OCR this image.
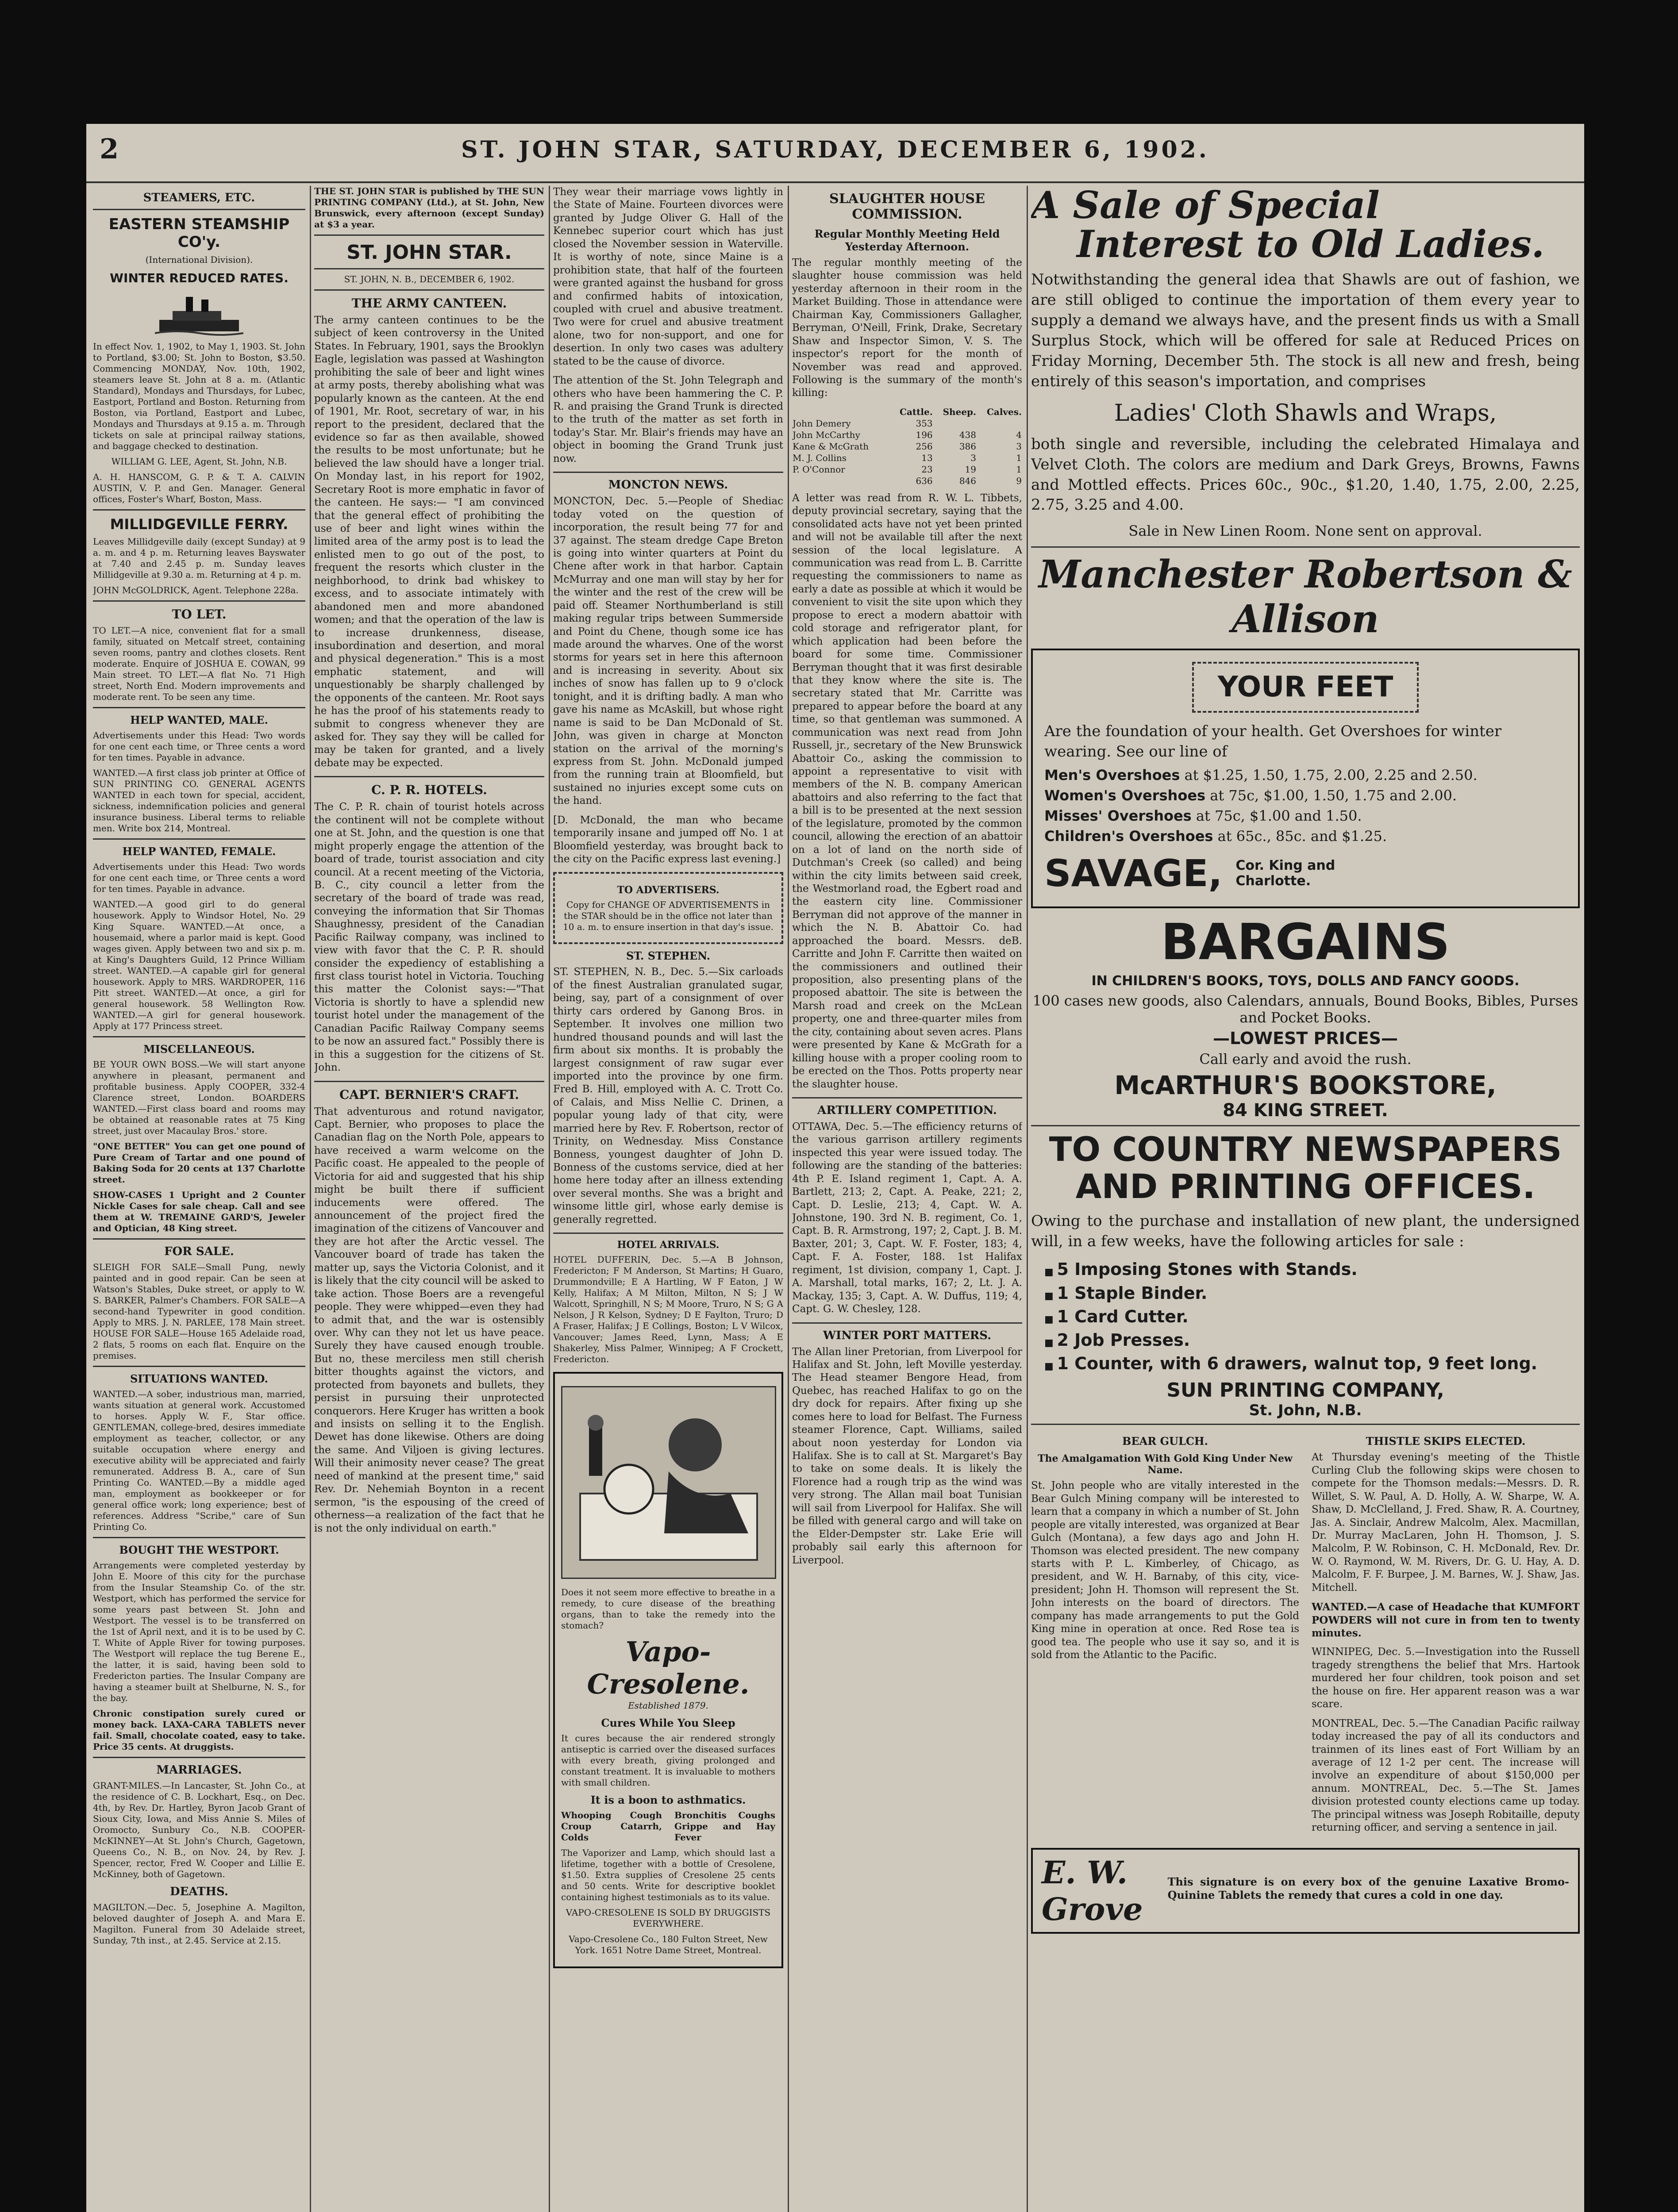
2	ST. JOHN STAR, SATURDAY, DECEMBER 6, 1902.
STEAMERS, ETC.
EASTERN STEAMSHIP CO'y.
(International Division).
WINTER REDUCED RATES.

In effect Nov. 1, 1902, to May 1, 1903. St. John to Portland, $3.00; St. John to Boston, $3.50. Commencing MONDAY, Nov. 10th, 1902, steamers leave St. John at 8 a. m. (Atlantic Standard), Mondays and Thursdays, for Lubec, Eastport, Portland and Boston. Returning from Boston, via Portland, Eastport and Lubec, Mondays and Thursdays at 9.15 a. m. Through tickets on sale at principal railway stations, and baggage checked to destination.

WILLIAM G. LEE, Agent, St. John, N.B.

A. H. HANSCOM, G. P. & T. A. CALVIN AUSTIN, V. P. and Gen. Manager. General offices, Foster's Wharf, Boston, Mass.

MILLIDGEVILLE FERRY.

Leaves Millidgeville daily (except Sunday) at 9 a. m. and 4 p. m. Returning leaves Bayswater at 7.40 and 2.45 p. m. Sunday leaves Millidgeville at 9.30 a. m. Returning at 4 p. m.

JOHN McGOLDRICK, Agent. Telephone 228a.

TO LET.

TO LET.—A nice, convenient flat for a small family, situated on Metcalf street, containing seven rooms, pantry and clothes closets. Rent moderate. Enquire of JOSHUA E. COWAN, 99 Main street. TO LET.—A flat No. 71 High street, North End. Modern improvements and moderate rent. To be seen any time.

HELP WANTED, MALE.

Advertisements under this Head: Two words for one cent each time, or Three cents a word for ten times. Payable in advance.

WANTED.—A first class job printer at Office of SUN PRINTING CO. GENERAL AGENTS WANTED in each town for special, accident, sickness, indemnification policies and general insurance business. Liberal terms to reliable men. Write box 214, Montreal.

HELP WANTED, FEMALE.

Advertisements under this Head: Two words for one cent each time, or Three cents a word for ten times. Payable in advance.

WANTED.—A good girl to do general housework. Apply to Windsor Hotel, No. 29 King Square. WANTED.—At once, a housemaid, where a parlor maid is kept. Good wages given. Apply between two and six p. m. at King's Daughters Guild, 12 Prince William street. WANTED.—A capable girl for general housework. Apply to MRS. WARDROPER, 116 Pitt street. WANTED.—At once, a girl for general housework. 58 Wellington Row. WANTED.—A girl for general housework. Apply at 177 Princess street.

MISCELLANEOUS.

BE YOUR OWN BOSS.—We will start anyone anywhere in pleasant, permanent and profitable business. Apply COOPER, 332-4 Clarence street, London. BOARDERS WANTED.—First class board and rooms may be obtained at reasonable rates at 75 King street, just over Macaulay Bros.' store.

"ONE BETTER" You can get one pound of Pure Cream of Tartar and one pound of Baking Soda for 20 cents at 137 Charlotte street.

SHOW-CASES 1 Upright and 2 Counter Nickle Cases for sale cheap. Call and see them at W. TREMAINE GARD'S, Jeweler and Optician, 48 King street.

FOR SALE.

SLEIGH FOR SALE—Small Pung, newly painted and in good repair. Can be seen at Watson's Stables, Duke street, or apply to W. S. BARKER, Palmer's Chambers. FOR SALE—A second-hand Typewriter in good condition. Apply to MRS. J. N. PARLEE, 178 Main street. HOUSE FOR SALE—House 165 Adelaide road, 2 flats, 5 rooms on each flat. Enquire on the premises.

SITUATIONS WANTED.

WANTED.—A sober, industrious man, married, wants situation at general work. Accustomed to horses. Apply W. F., Star office. GENTLEMAN, college-bred, desires immediate employment as teacher, collector, or any suitable occupation where energy and executive ability will be appreciated and fairly remunerated. Address B. A., care of Sun Printing Co. WANTED.—By a middle aged man, employment as bookkeeper or for general office work; long experience; best of references. Address "Scribe," care of Sun Printing Co.

BOUGHT THE WESTPORT.

Arrangements were completed yesterday by John E. Moore of this city for the purchase from the Insular Steamship Co. of the str. Westport, which has performed the service for some years past between St. John and Westport. The vessel is to be transferred on the 1st of April next, and it is to be used by C. T. White of Apple River for towing purposes. The Westport will replace the tug Berene E., the latter, it is said, having been sold to Fredericton parties. The Insular Company are having a steamer built at Shelburne, N. S., for the bay.

Chronic constipation surely cured or money back. LAXA-CARA TABLETS never fail. Small, chocolate coated, easy to take. Price 35 cents. At druggists.

MARRIAGES.

GRANT-MILES.—In Lancaster, St. John Co., at the residence of C. B. Lockhart, Esq., on Dec. 4th, by Rev. Dr. Hartley, Byron Jacob Grant of Sioux City, Iowa, and Miss Annie S. Miles of Oromocto, Sunbury Co., N.B. COOPER-McKINNEY—At St. John's Church, Gagetown, Queens Co., N. B., on Nov. 24, by Rev. J. Spencer, rector, Fred W. Cooper and Lillie E. McKinney, both of Gagetown.

DEATHS.

MAGILTON.—Dec. 5, Josephine A. Magilton, beloved daughter of Joseph A. and Mara E. Magilton. Funeral from 30 Adelaide street, Sunday, 7th inst., at 2.45. Service at 2.15.

THE ST. JOHN STAR is published by THE SUN PRINTING COMPANY (Ltd.), at St. John, New Brunswick, every afternoon (except Sunday) at $3 a year.

ST. JOHN STAR.
ST. JOHN, N. B., DECEMBER 6, 1902.
THE ARMY CANTEEN.

The army canteen continues to be the subject of keen controversy in the United States. In February, 1901, says the Brooklyn Eagle, legislation was passed at Washington prohibiting the sale of beer and light wines at army posts, thereby abolishing what was popularly known as the canteen. At the end of 1901, Mr. Root, secretary of war, in his report to the president, declared that the evidence so far as then available, showed the results to be most unfortunate; but he believed the law should have a longer trial. On Monday last, in his report for 1902, Secretary Root is more emphatic in favor of the canteen. He says:— "I am convinced that the general effect of prohibiting the use of beer and light wines within the limited area of the army post is to lead the enlisted men to go out of the post, to frequent the resorts which cluster in the neighborhood, to drink bad whiskey to excess, and to associate intimately with abandoned men and more abandoned women; and that the operation of the law is to increase drunkenness, disease, insubordination and desertion, and moral and physical degeneration." This is a most emphatic statement, and will unquestionably be sharply challenged by the opponents of the canteen. Mr. Root says he has the proof of his statements ready to submit to congress whenever they are asked for. They say they will be called for may be taken for granted, and a lively debate may be expected.

C. P. R. HOTELS.

The C. P. R. chain of tourist hotels across the continent will not be complete without one at St. John, and the question is one that might properly engage the attention of the board of trade, tourist association and city council. At a recent meeting of the Victoria, B. C., city council a letter from the secretary of the board of trade was read, conveying the information that Sir Thomas Shaughnessy, president of the Canadian Pacific Railway company, was inclined to view with favor that the C. P. R. should consider the expediency of establishing a first class tourist hotel in Victoria. Touching this matter the Colonist says:—"That Victoria is shortly to have a splendid new tourist hotel under the management of the Canadian Pacific Railway Company seems to be now an assured fact." Possibly there is in this a suggestion for the citizens of St. John.

CAPT. BERNIER'S CRAFT.

That adventurous and rotund navigator, Capt. Bernier, who proposes to place the Canadian flag on the North Pole, appears to have received a warm welcome on the Pacific coast. He appealed to the people of Victoria for aid and suggested that his ship might be built there if sufficient inducements were offered. The announcement of the project fired the imagination of the citizens of Vancouver and they are hot after the Arctic vessel. The Vancouver board of trade has taken the matter up, says the Victoria Colonist, and it is likely that the city council will be asked to take action. Those Boers are a revengeful people. They were whipped—even they had to admit that, and the war is ostensibly over. Why can they not let us have peace. Surely they have caused enough trouble. But no, these merciless men still cherish bitter thoughts against the victors, and protected from bayonets and bullets, they persist in pursuing their unprotected conquerors. Here Kruger has written a book and insists on selling it to the English. Dewet has done likewise. Others are doing the same. And Viljoen is giving lectures. Will their animosity never cease? The great need of mankind at the present time," said Rev. Dr. Nehemiah Boynton in a recent sermon, "is the espousing of the creed of otherness—a realization of the fact that he is not the only individual on earth."

They wear their marriage vows lightly in the State of Maine. Fourteen divorces were granted by Judge Oliver G. Hall of the Kennebec superior court which has just closed the November session in Waterville. It is worthy of note, since Maine is a prohibition state, that half of the fourteen were granted against the husband for gross and confirmed habits of intoxication, coupled with cruel and abusive treatment. Two were for cruel and abusive treatment alone, two for non-support, and one for desertion. In only two cases was adultery stated to be the cause of divorce.

The attention of the St. John Telegraph and others who have been hammering the C. P. R. and praising the Grand Trunk is directed to the truth of the matter as set forth in today's Star. Mr. Blair's friends may have an object in booming the Grand Trunk just now.

MONCTON NEWS.

MONCTON, Dec. 5.—People of Shediac today voted on the question of incorporation, the result being 77 for and 37 against. The steam dredge Cape Breton is going into winter quarters at Point du Chene after work in that harbor. Captain McMurray and one man will stay by her for the winter and the rest of the crew will be paid off. Steamer Northumberland is still making regular trips between Summerside and Point du Chene, though some ice has made around the wharves. One of the worst storms for years set in here this afternoon and is increasing in severity. About six inches of snow has fallen up to 9 o'clock tonight, and it is drifting badly. A man who gave his name as McAskill, but whose right name is said to be Dan McDonald of St. John, was given in charge at Moncton station on the arrival of the morning's express from St. John. McDonald jumped from the running train at Bloomfield, but sustained no injuries except some cuts on the hand.

[D. McDonald, the man who became temporarily insane and jumped off No. 1 at Bloomfield yesterday, was brought back to the city on the Pacific express last evening.]

TO ADVERTISERS.

Copy for CHANGE OF ADVERTISEMENTS in the STAR should be in the office not later than 10 a. m. to ensure insertion in that day's issue.

ST. STEPHEN.

ST. STEPHEN, N. B., Dec. 5.—Six carloads of the finest Australian granulated sugar, being, say, part of a consignment of over thirty cars ordered by Ganong Bros. in September. It involves one million two hundred thousand pounds and will last the firm about six months. It is probably the largest consignment of raw sugar ever imported into the province by one firm. Fred B. Hill, employed with A. C. Trott Co. of Calais, and Miss Nellie C. Drinen, a popular young lady of that city, were married here by Rev. F. Robertson, rector of Trinity, on Wednesday. Miss Constance Bonness, youngest daughter of John D. Bonness of the customs service, died at her home here today after an illness extending over several months. She was a bright and winsome little girl, whose early demise is generally regretted.

HOTEL ARRIVALS.

HOTEL DUFFERIN, Dec. 5.—A B Johnson, Fredericton; F M Anderson, St Martins; H Guaro, Drummondville; E A Hartling, W F Eaton, J W Kelly, Halifax; A M Milton, Milton, N S; J W Walcott, Springhill, N S; M Moore, Truro, N S; G A Nelson, J R Kelson, Sydney; D E Faylton, Truro; D A Fraser, Halifax; J E Collings, Boston; L V Wilcox, Vancouver; James Reed, Lynn, Mass; A E Shakerley, Miss Palmer, Winnipeg; A F Crockett, Fredericton.

Does it not seem more effective to breathe in a remedy, to cure disease of the breathing organs, than to take the remedy into the stomach?

Vapo-Cresolene.
Established 1879.
Cures While You Sleep

It cures because the air rendered strongly antiseptic is carried over the diseased surfaces with every breath, giving prolonged and constant treatment. It is invaluable to mothers with small children.

It is a boon to asthmatics.
Whooping Cough Croup Catarrh, Colds
Bronchitis Coughs Grippe and Hay Fever

The Vaporizer and Lamp, which should last a lifetime, together with a bottle of Cresolene, $1.50. Extra supplies of Cresolene 25 cents and 50 cents. Write for descriptive booklet containing highest testimonials as to its value.

VAPO-CRESOLENE IS SOLD BY DRUGGISTS EVERYWHERE.

Vapo-Cresolene Co., 180 Fulton Street, New York. 1651 Notre Dame Street, Montreal.

SLAUGHTER HOUSE COMMISSION.
Regular Monthly Meeting Held Yesterday Afternoon.

The regular monthly meeting of the slaughter house commission was held yesterday afternoon in their room in the Market Building. Those in attendance were Chairman Kay, Commissioners Gallagher, Berryman, O'Neill, Frink, Drake, Secretary Shaw and Inspector Simon, V. S. The inspector's report for the month of November was read and approved. Following is the summary of the month's killing:

	Cattle.	Sheep.	Calves.
John Demery	353		
John McCarthy	196	438	4
Kane & McGrath	256	386	3
M. J. Collins	13	3	1
P. O'Connor	23	19	1
	636	846	9

A letter was read from R. W. L. Tibbets, deputy provincial secretary, saying that the consolidated acts have not yet been printed and will not be available till after the next session of the local legislature. A communication was read from L. B. Carritte requesting the commissioners to name as early a date as possible at which it would be convenient to visit the site upon which they propose to erect a modern abattoir with cold storage and refrigerator plant, for which application had been before the board for some time. Commissioner Berryman thought that it was first desirable that they know where the site is. The secretary stated that Mr. Carritte was prepared to appear before the board at any time, so that gentleman was summoned. A communication was next read from John Russell, jr., secretary of the New Brunswick Abattoir Co., asking the commission to appoint a representative to visit with members of the N. B. company American abattoirs and also referring to the fact that a bill is to be presented at the next session of the legislature, promoted by the common council, allowing the erection of an abattoir on a lot of land on the north side of Dutchman's Creek (so called) and being within the city limits between said creek, the Westmorland road, the Egbert road and the eastern city line. Commissioner Berryman did not approve of the manner in which the N. B. Abattoir Co. had approached the board. Messrs. deB. Carritte and John F. Carritte then waited on the commissioners and outlined their proposition, also presenting plans of the proposed abattoir. The site is between the Marsh road and creek on the McLean property, one and three-quarter miles from the city, containing about seven acres. Plans were presented by Kane & McGrath for a killing house with a proper cooling room to be erected on the Thos. Potts property near the slaughter house.

ARTILLERY COMPETITION.

OTTAWA, Dec. 5.—The efficiency returns of the various garrison artillery regiments inspected this year were issued today. The following are the standing of the batteries: 4th P. E. Island regiment 1, Capt. A. A. Bartlett, 213; 2, Capt. A. Peake, 221; 2, Capt. D. Leslie, 213; 4, Capt. W. A. Johnstone, 190. 3rd N. B. regiment, Co. 1, Capt. B. R. Armstrong, 197; 2, Capt. J. B. M. Baxter, 201; 3, Capt. W. F. Foster, 183; 4, Capt. F. A. Foster, 188. 1st Halifax regiment, 1st division, company 1, Capt. J. A. Marshall, total marks, 167; 2, Lt. J. A. Mackay, 135; 3, Capt. A. W. Duffus, 119; 4, Capt. G. W. Chesley, 128.

WINTER PORT MATTERS.

The Allan liner Pretorian, from Liverpool for Halifax and St. John, left Moville yesterday. The Head steamer Bengore Head, from Quebec, has reached Halifax to go on the dry dock for repairs. After fixing up she comes here to load for Belfast. The Furness steamer Florence, Capt. Williams, sailed about noon yesterday for London via Halifax. She is to call at St. Margaret's Bay to take on some deals. It is likely the Florence had a rough trip as the wind was very strong. The Allan mail boat Tunisian will sail from Liverpool for Halifax. She will be filled with general cargo and will take on the Elder-Dempster str. Lake Erie will probably sail early this afternoon for Liverpool.

A Sale of Special
Interest to Old Ladies.

Notwithstanding the general idea that Shawls are out of fashion, we are still obliged to continue the importation of them every year to supply a demand we always have, and the present finds us with a Small Surplus Stock, which will be offered for sale at Reduced Prices on Friday Morning, December 5th. The stock is all new and fresh, being entirely of this season's importation, and comprises

Ladies' Cloth Shawls and Wraps,

both single and reversible, including the celebrated Himalaya and Velvet Cloth. The colors are medium and Dark Greys, Browns, Fawns and Mottled effects. Prices 60c., 90c., $1.20, 1.40, 1.75, 2.00, 2.25, 2.75, 3.25 and 4.00.

Sale in New Linen Room. None sent on approval.
Manchester Robertson & Allison
YOUR FEET

Are the foundation of your health. Get Overshoes for winter wearing. See our line of

Men's Overshoes at $1.25, 1.50, 1.75, 2.00, 2.25 and 2.50.

Women's Overshoes at 75c, $1.00, 1.50, 1.75 and 2.00.

Misses' Overshoes at 75c, $1.00 and 1.50.

Children's Overshoes at 65c., 85c. and $1.25.

SAVAGE, Cor. King and Charlotte.
BARGAINS
IN CHILDREN'S BOOKS, TOYS, DOLLS AND FANCY GOODS.

100 cases new goods, also Calendars, annuals, Bound Books, Bibles, Purses and Pocket Books.

—LOWEST PRICES—
Call early and avoid the rush.
McARTHUR'S BOOKSTORE,
84 KING STREET.
TO COUNTRY NEWSPAPERS AND PRINTING OFFICES.

Owing to the purchase and installation of new plant, the undersigned will, in a few weeks, have the following articles for sale :

■ 5 Imposing Stones with Stands.
■ 1 Staple Binder.
■ 1 Card Cutter.
■ 2 Job Presses.
■ 1 Counter, with 6 drawers, walnut top, 9 feet long.
SUN PRINTING COMPANY,
St. John, N.B.
BEAR GULCH.
The Amalgamation With Gold King Under New Name.

St. John people who are vitally interested in the Bear Gulch Mining company will be interested to learn that a company in which a number of St. John people are vitally interested, was organized at Bear Gulch (Montana), a few days ago and John H. Thomson was elected president. The new company starts with P. L. Kimberley, of Chicago, as president, and W. H. Barnaby, of this city, vice-president; John H. Thomson will represent the St. John interests on the board of directors. The company has made arrangements to put the Gold King mine in operation at once. Red Rose tea is good tea. The people who use it say so, and it is sold from the Atlantic to the Pacific.

THISTLE SKIPS ELECTED.

At Thursday evening's meeting of the Thistle Curling Club the following skips were chosen to compete for the Thomson medals:—Messrs. D. R. Willet, S. W. Paul, A. D. Holly, A. W. Sharpe, W. A. Shaw, D. McClelland, J. Fred. Shaw, R. A. Courtney, Jas. A. Sinclair, Andrew Malcolm, Alex. Macmillan, Dr. Murray MacLaren, John H. Thomson, J. S. Malcolm, P. W. Robinson, C. H. McDonald, Rev. Dr. W. O. Raymond, W. M. Rivers, Dr. G. U. Hay, A. D. Malcolm, F. F. Burpee, J. M. Barnes, W. J. Shaw, Jas. Mitchell.

WANTED.—A case of Headache that KUMFORT POWDERS will not cure in from ten to twenty minutes.

WINNIPEG, Dec. 5.—Investigation into the Russell tragedy strengthens the belief that Mrs. Hartook murdered her four children, took poison and set the house on fire. Her apparent reason was a war scare.

MONTREAL, Dec. 5.—The Canadian Pacific railway today increased the pay of all its conductors and trainmen of its lines east of Fort William by an average of 12 1-2 per cent. The increase will involve an expenditure of about $150,000 per annum. MONTREAL, Dec. 5.—The St. James division protested county elections came up today. The principal witness was Joseph Robitaille, deputy returning officer, and serving a sentence in jail.

E. W. Grove
This signature is on every box of the genuine Laxative Bromo-Quinine Tablets the remedy that cures a cold in one day.
